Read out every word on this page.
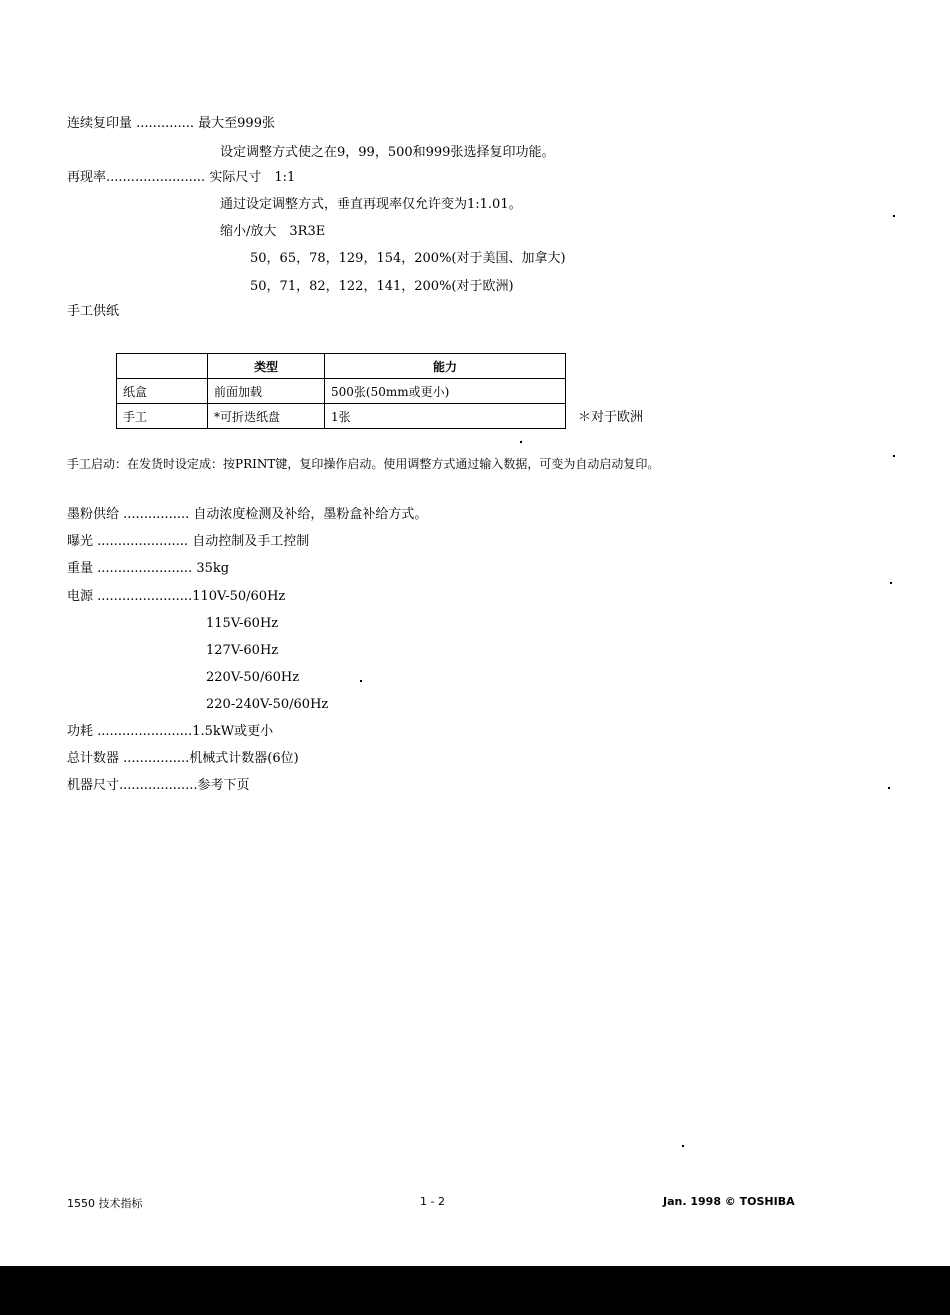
连续复印量 .............. 最大至999张
设定调整方式使之在9，99，500和999张选择复印功能。
再现率........................ 实际尺寸　1:1
通过设定调整方式，垂直再现率仅允许变为1:1.01。
缩小/放大　3R3E
50，65，78，129，154，200%(对于美国、加拿大)
50，71，82，122，141，200%(对于欧洲)
手工供纸
	类型	能力
纸盒	前面加载	500张(50mm或更小)
手工	*可折迭纸盘	1张	＊对于欧洲
手工启动：在发货时设定成：按PRINT键，复印操作启动。使用调整方式通过输入数据，可变为自动启动复印。
墨粉供给 ................ 自动浓度检测及补给，墨粉盒补给方式。
曝光 ...................... 自动控制及手工控制
重量 ....................... 35kg
电源 .......................110V-50/60Hz
115V-60Hz
127V-60Hz
220V-50/60Hz
220-240V-50/60Hz
功耗 .......................1.5kW或更小
总计数器 ................机械式计数器(6位)
机器尺寸...................参考下页
1550 技术指标	1 - 2	Jan. 1998 © TOSHIBA
